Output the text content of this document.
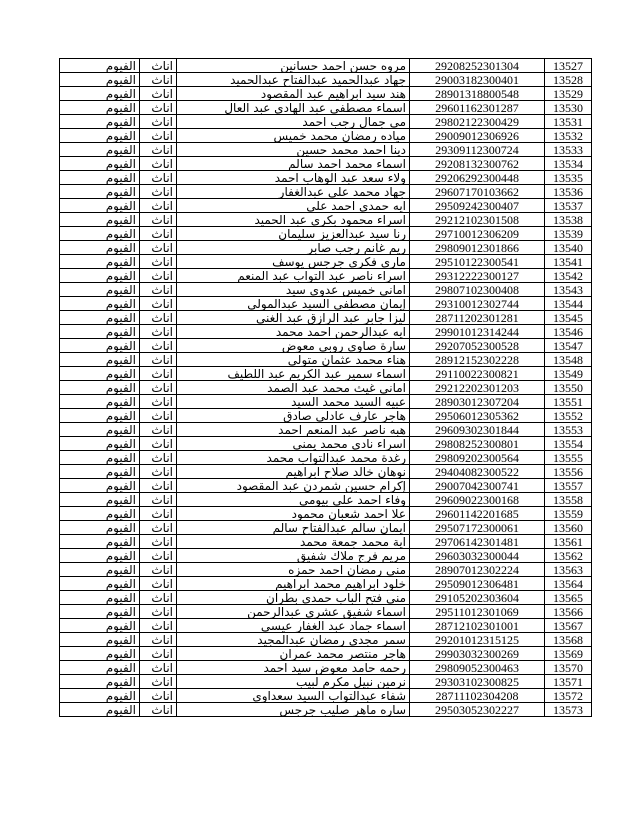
الفيوم	اناث	مروه حسن احمد حسانين	29208252301304	13527
الفيوم	اناث	جهاد عبدالحميد عبدالفتاح عبدالحميد	29003182300401	13528
الفيوم	اناث	هند سيد ابراهيم عبد المقصود	28901318800548	13529
الفيوم	اناث	اسماء مصطفى عبد الهادي عبد العال	29601162301287	13530
الفيوم	اناث	مي جمال رجب احمد	29802122300429	13531
الفيوم	اناث	مياده رمضان محمد خميس	29009012306926	13532
الفيوم	اناث	دينا احمد محمد حسين	29309112300724	13533
الفيوم	اناث	اسماء محمد احمد سالم	29208132300762	13534
الفيوم	اناث	ولاء سعد عبد الوهاب احمد	29206292300448	13535
الفيوم	اناث	جهاد محمد علي عبدالغفار	29607170103662	13536
الفيوم	اناث	ايه حمدي احمد علي	29509242300407	13537
الفيوم	اناث	اسراء محمود بكرى عبد الحميد	29212102301508	13538
الفيوم	اناث	رنا سيد عبدالعزيز سليمان	29710012306209	13539
الفيوم	اناث	ريم غانم رجب صابر	29809012301866	13540
الفيوم	اناث	مارى فكرى جرجس يوسف	29510122300541	13541
الفيوم	اناث	اسراء ناصر عبد التواب عبد المنعم	29312222300127	13542
الفيوم	اناث	اماني خميس عدوى سيد	29807102300408	13543
الفيوم	اناث	إيمان مصطفى السيد عبدالمولى	29310012302744	13544
الفيوم	اناث	ليزا جابر عبد الرازق عبد الغني	28711202301281	13545
الفيوم	اناث	ايه عبدالرحمن احمد محمد	29901012314244	13546
الفيوم	اناث	سارة صاوى روبى معوض	29207052300528	13547
الفيوم	اناث	هناء محمد عثمان متولي	28912152302228	13548
الفيوم	اناث	اسماء سمير عبد الكريم عبد اللطيف	29110022300821	13549
الفيوم	اناث	اماني غيث محمد عبد الصمد	29212202301203	13550
الفيوم	اناث	عبيه السيد محمد السيد	28903012307204	13551
الفيوم	اناث	هاجر عارف عادلي صادق	29506012305362	13552
الفيوم	اناث	هبه ناصر عبد المنعم احمد	29609302301844	13553
الفيوم	اناث	اسراء نادي محمد يمنى	29808252300801	13554
الفيوم	اناث	رغدة محمد عبدالتواب محمد	29809202300564	13555
الفيوم	اناث	نوهان خالد صلاح ابراهيم	29404082300522	13556
الفيوم	اناث	إكرام حسين شمردن عبد المقصود	29007042300741	13557
الفيوم	اناث	وفاء احمد علي بيومي	29609022300168	13558
الفيوم	اناث	علا احمد شعبان محمود	29601142201685	13559
الفيوم	اناث	ايمان سالم عبدالفتاح سالم	29507172300061	13560
الفيوم	اناث	اية محمد جمعة محمد	29706142301481	13561
الفيوم	اناث	مريم فرج ملاك شفيق	29603032300044	13562
الفيوم	اناث	منى رمضان احمد حمزه	28907012302224	13563
الفيوم	اناث	خلود ابراهيم محمد ابراهيم	29509012306481	13564
الفيوم	اناث	منى فتح الباب حمدى بطران	29105202303604	13565
الفيوم	اناث	اسماء شفيق عشري عبدالرحمن	29511012301069	13566
الفيوم	اناث	اسماء جماد عبد الغفار عيسى	28712102301001	13567
الفيوم	اناث	سمر مجدي رمضان عبدالمجيد	29201012315125	13568
الفيوم	اناث	هاجر منتصر محمد عمران	29903032300269	13569
الفيوم	اناث	رحمه حامد معوض سيد احمد	29809052300463	13570
الفيوم	اناث	نرمين نبيل مكرم لبيب	29303102300825	13571
الفيوم	اناث	شفاء عبدالتواب السيد سعداوى	28711102304208	13572
الفيوم	اناث	ساره ماهر صليب جرجس	29503052302227	13573
